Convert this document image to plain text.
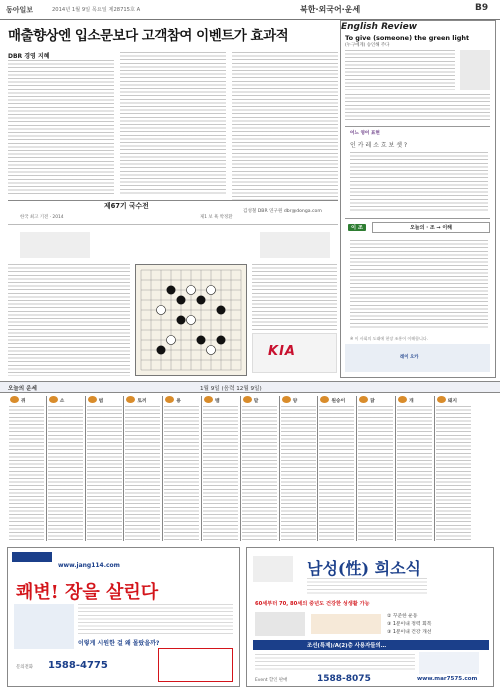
동아일보	2014년 1월 9일 목요일 제28715호 A	북한·외국어·운세	B9
매출향상엔 입소문보다 고객참여 이벤트가 효과적
DBR 경영 지혜
김성철 DBR 연구원 dbr@donga.com
English Review
To give (someone) the green light
(누구에게) 승인해 주다
어느 영어 표현
인 카 레 소 흐 보 셋 ?
이 조	오늘의 · 조 → 이해
※ 이 사회의 도래에 현장 조흥어 이해합니다.
레이 오카
제67기 국수전
한국 최고 기전 · 2014	제1 보 흑 박정환
KIA
오늘의 운세	1월 9일 (음력 12월 9일)
쥐	소	범	토끼	용	뱀	말	양	원숭이	닭	개	돼지
www.jang114.com
쾌변! 장을 살린다
이렇게 시원한 걸 왜 몰랐을까?
문의전화 1588-4775
남성(性) 희소식
60세부터 70, 80세의 중년도 건강한 성생활 가능
② 꾸준한 운동
③ 1분이내 정력 회복
③ 1분이내 건강 개선
조선(특제)/A(2)층 사용자들의…
Event 할인 판매	1588-8075	www.mar7575.com
